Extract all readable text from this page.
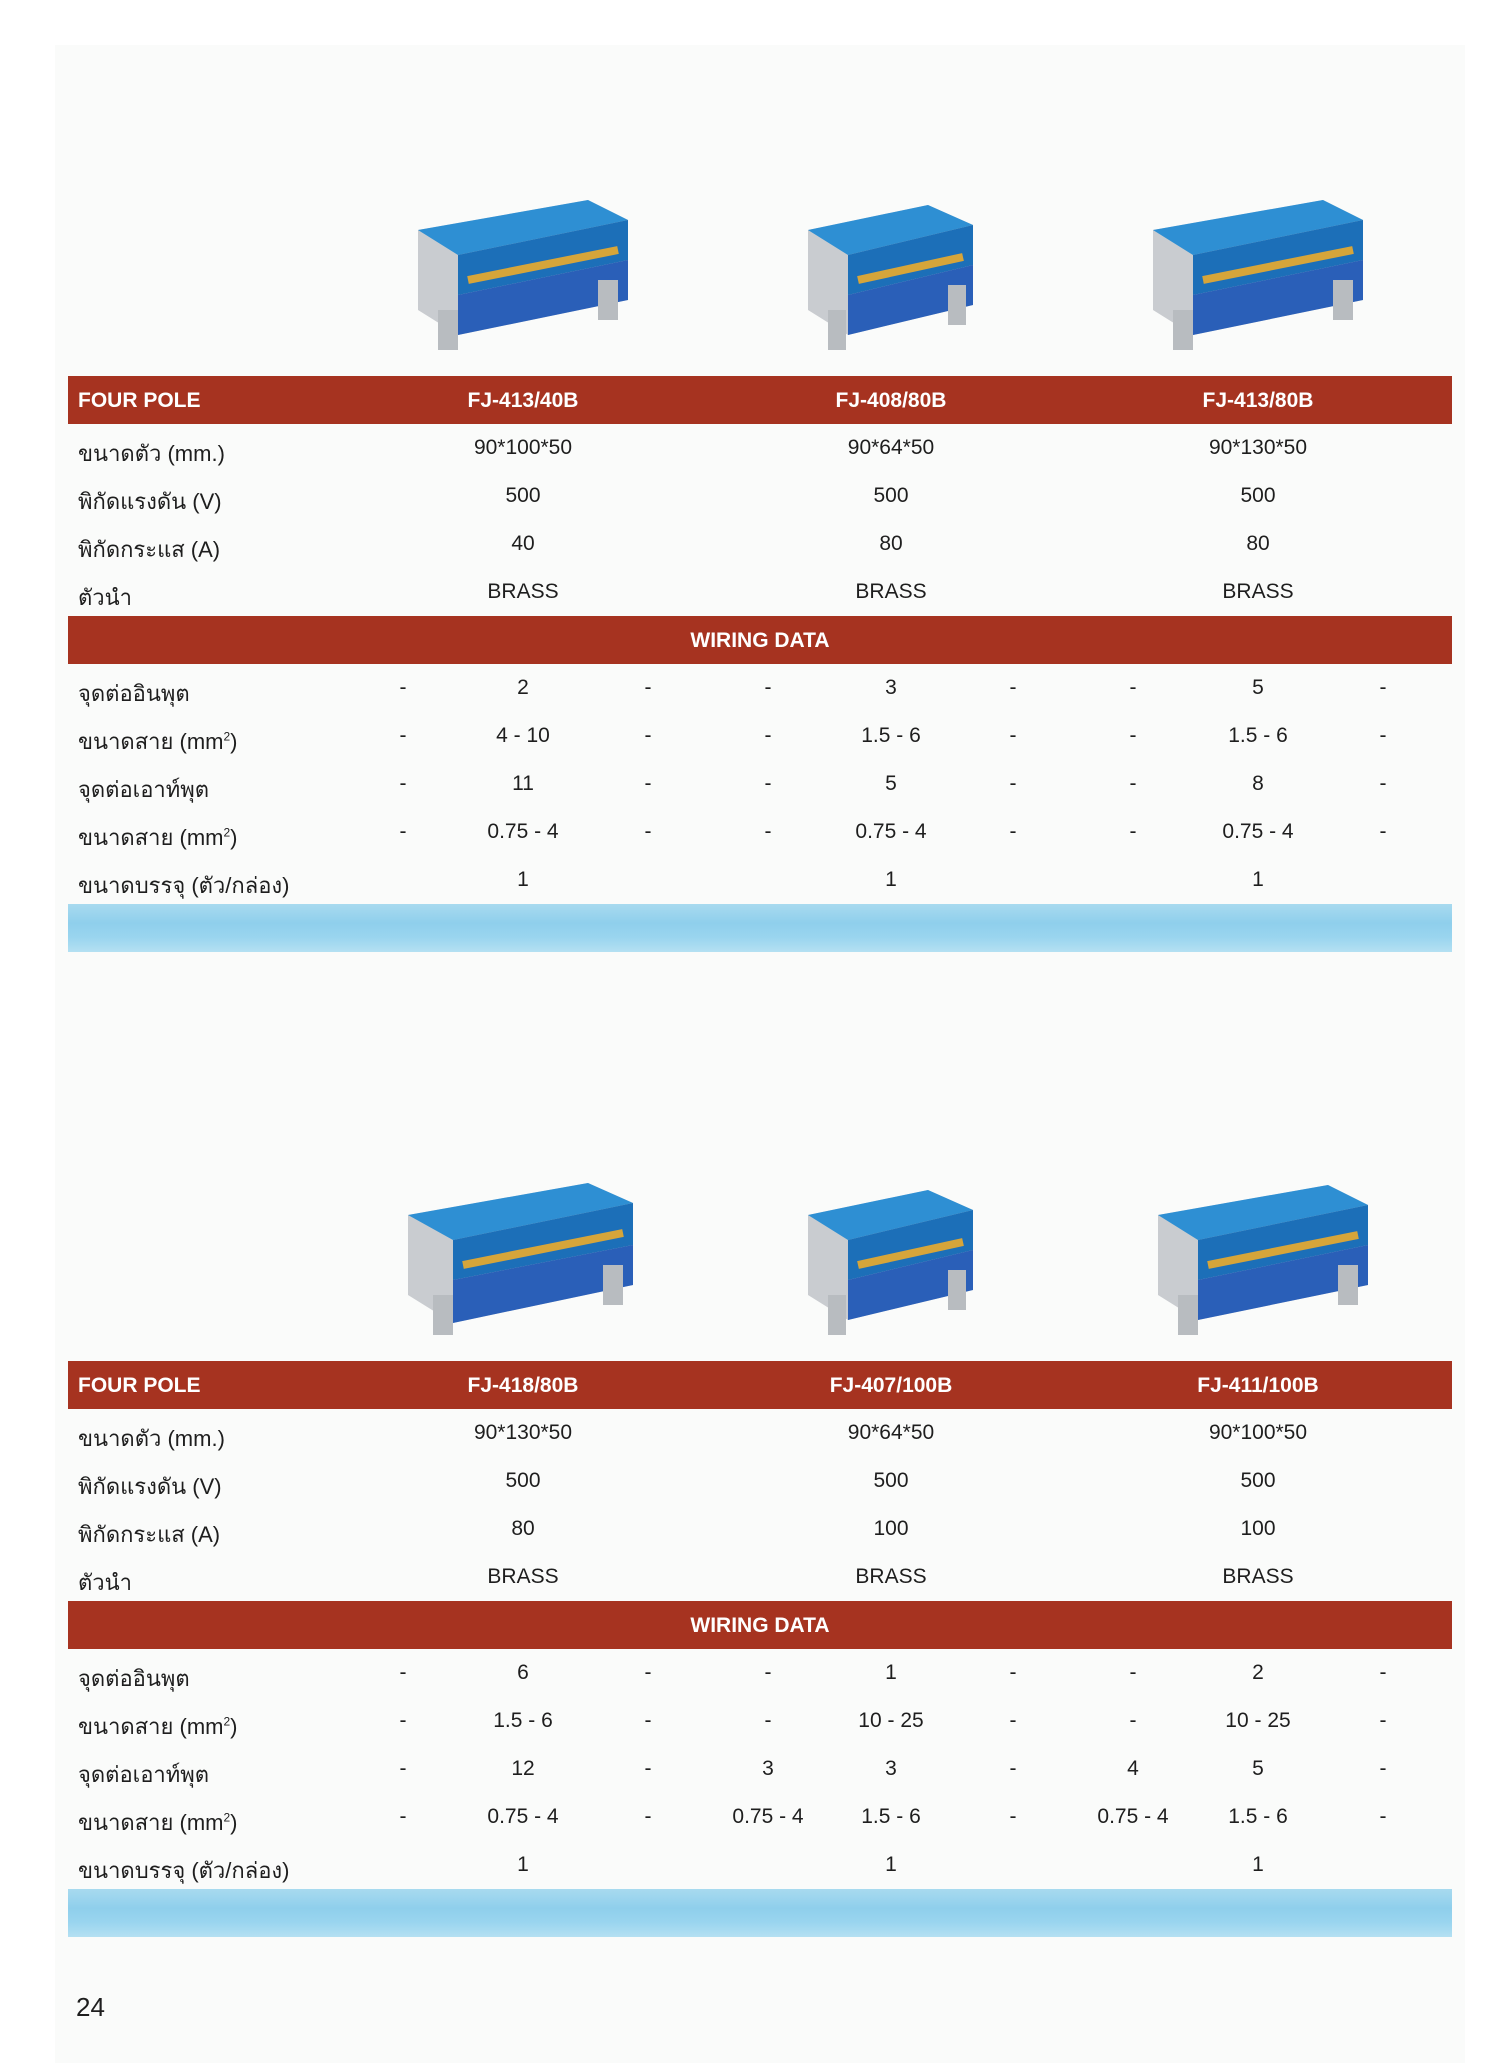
FOUR POLE	FJ-413/40B	FJ-408/80B	FJ-413/80B
ขนาดตัว (mm.)	90*100*50	90*64*50	90*130*50
พิกัดแรงดัน (V)	500	500	500
พิกัดกระแส (A)	40	80	80
ตัวนำ	BRASS	BRASS	BRASS
WIRING DATA
จุดต่ออินพุต	-	2	-	-	3	-	-	5	-
ขนาดสาย $(mm^2)$	-	4 - 10	-	-	1.5 - 6	-	-	1.5 - 6	-
จุดต่อเอาท์พุต	-	11	-	-	5	-	-	8	-
ขนาดสาย $(mm^2)$	-	0.75 - 4	-	-	0.75 - 4	-	-	0.75 - 4	-
ขนาดบรรจุ (ตัว/กล่อง)	1	1	1
FOUR POLE	FJ-418/80B	FJ-407/100B	FJ-411/100B
ขนาดตัว (mm.)	90*130*50	90*64*50	90*100*50
พิกัดแรงดัน (V)	500	500	500
พิกัดกระแส (A)	80	100	100
ตัวนำ	BRASS	BRASS	BRASS
WIRING DATA
จุดต่ออินพุต	-	6	-	-	1	-	-	2	-
ขนาดสาย $(mm^2)$	-	1.5 - 6	-	-	10 - 25	-	-	10 - 25	-
จุดต่อเอาท์พุต	-	12	-	3	3	-	4	5	-
ขนาดสาย $(mm^2)$	-	0.75 - 4	-	0.75 - 4	1.5 - 6	-	0.75 - 4	1.5 - 6	-
ขนาดบรรจุ (ตัว/กล่อง)	1	1	1
24
